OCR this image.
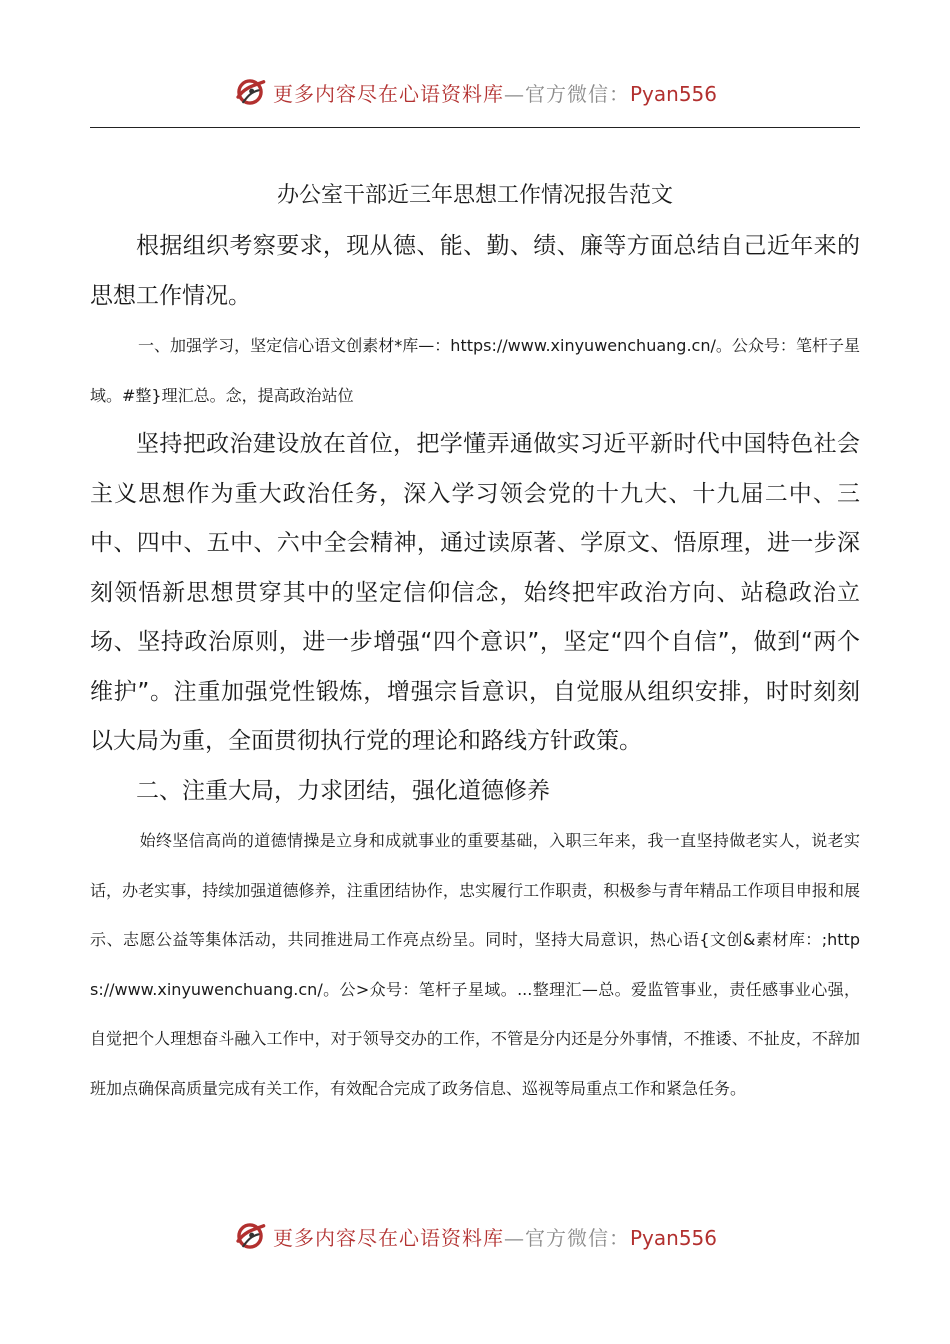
更多内容尽在心语资料库—官方微信：Pyan556

办公室干部近三年思想工作情况报告范文

根据组织考察要求，现从德、能、勤、绩、廉等方面总结自己近年来的思想工作情况。

一、加强学习，坚定信心语文创素材*库—：https://www.xinyuwenchuang.cn/。公众号：笔杆子星域。#整}理汇总。念，提高政治站位

坚持把政治建设放在首位，把学懂弄通做实习近平新时代中国特色社会主义思想作为重大政治任务，深入学习领会党的十九大、十九届二中、三中、四中、五中、六中全会精神，通过读原著、学原文、悟原理，进一步深刻领悟新思想贯穿其中的坚定信仰信念，始终把牢政治方向、站稳政治立场、坚持政治原则，进一步增强“四个意识”，坚定“四个自信”，做到“两个维护”。注重加强党性锻炼，增强宗旨意识，自觉服从组织安排，时时刻刻以大局为重，全面贯彻执行党的理论和路线方针政策。

二、注重大局，力求团结，强化道德修养

始终坚信高尚的道德情操是立身和成就事业的重要基础，入职三年来，我一直坚持做老实人，说老实话，办老实事，持续加强道德修养，注重团结协作，忠实履行工作职责，积极参与青年精品工作项目申报和展示、志愿公益等集体活动，共同推进局工作亮点纷呈。同时，坚持大局意识，热心语{文创&素材库：;https://www.xinyuwenchuang.cn/。公>众号：笔杆子星域。...整理汇—总。爱监管事业，责任感事业心强，自觉把个人理想奋斗融入工作中，对于领导交办的工作，不管是分内还是分外事情，不推诿、不扯皮，不辞加班加点确保高质量完成有关工作，有效配合完成了政务信息、巡视等局重点工作和紧急任务。

更多内容尽在心语资料库—官方微信：Pyan556
